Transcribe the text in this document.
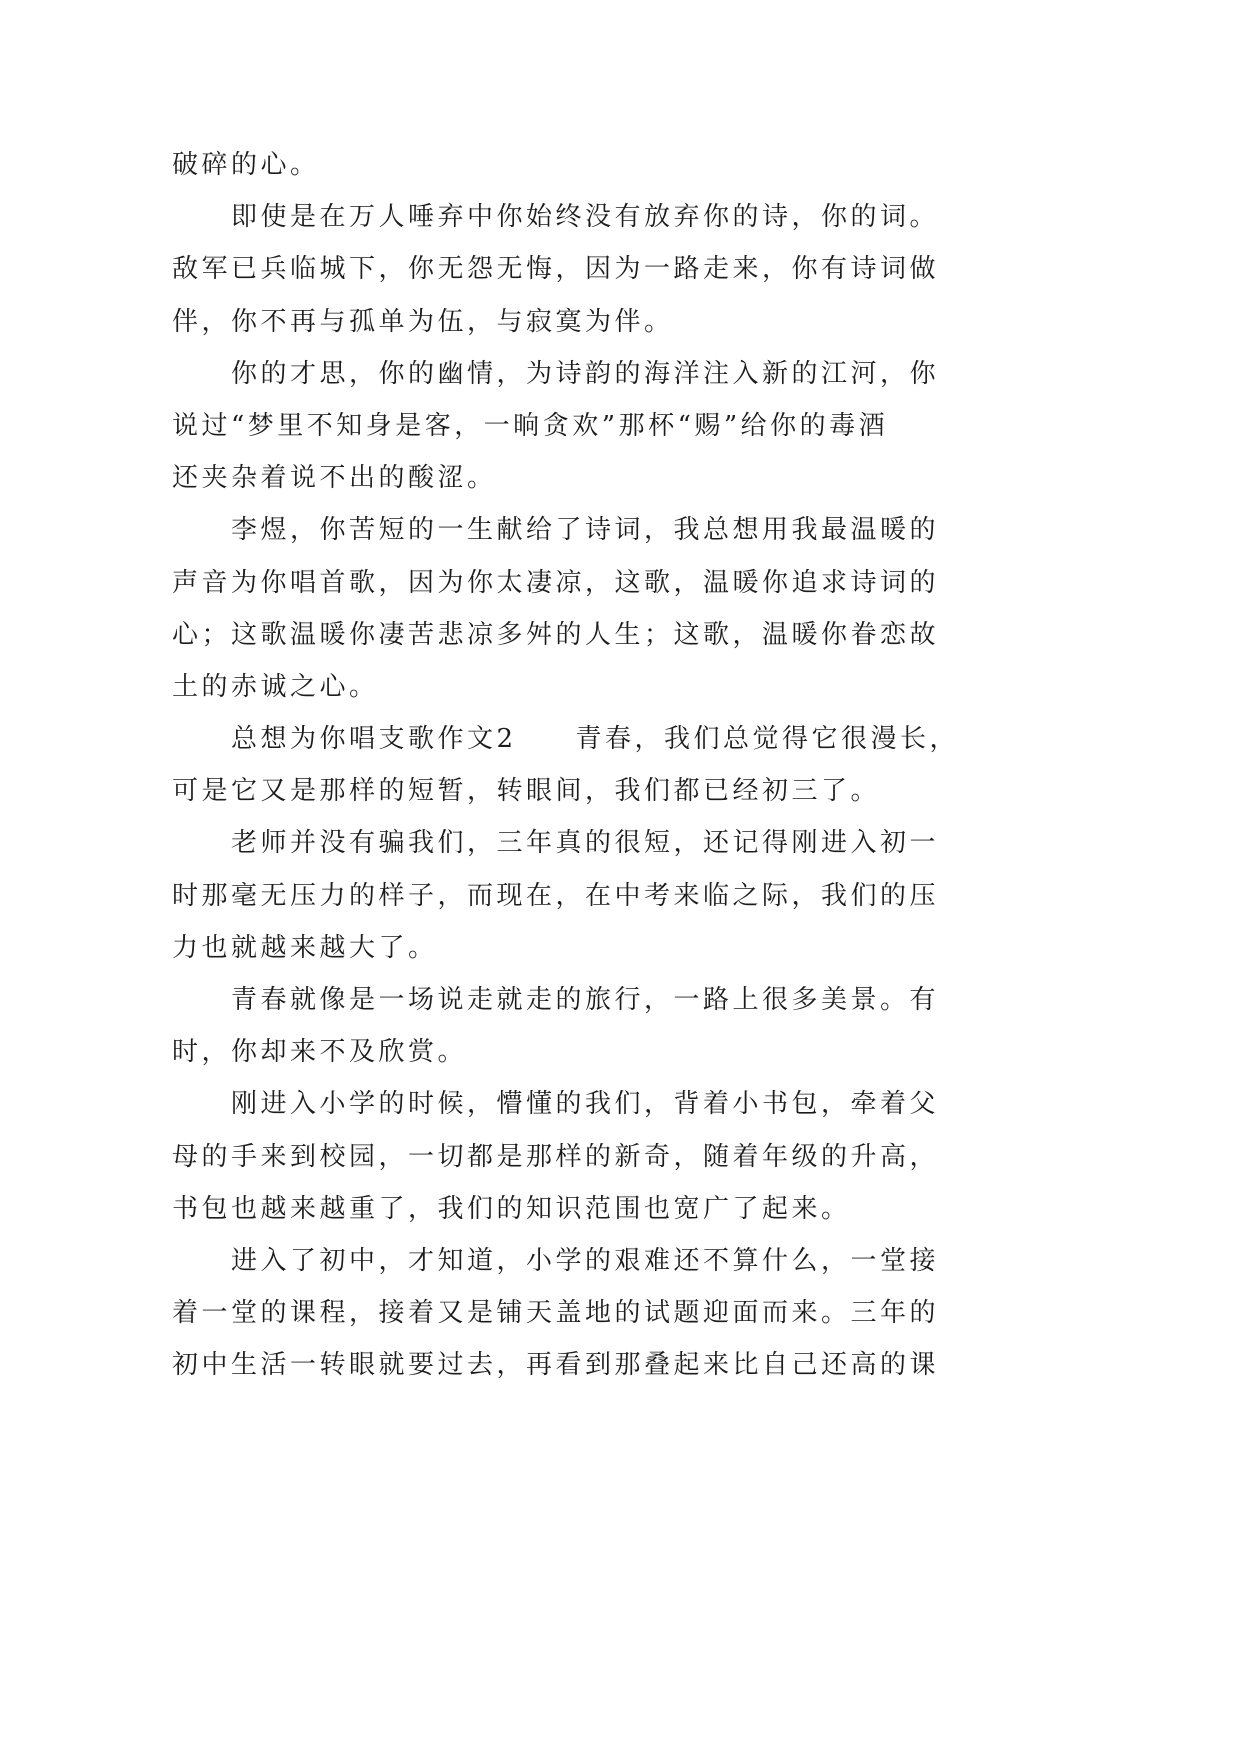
破碎的心。
即使是在万人唾弃中你始终没有放弃你的诗，你的词。
敌军已兵临城下，你无怨无悔，因为一路走来，你有诗词做
伴，你不再与孤单为伍，与寂寞为伴。
你的才思，你的幽情，为诗韵的海洋注入新的江河，你
说过“梦里不知身是客，一晌贪欢”那杯“赐”给你的毒酒
还夹杂着说不出的酸涩。
李煜，你苦短的一生献给了诗词，我总想用我最温暖的
声音为你唱首歌，因为你太凄凉，这歌，温暖你追求诗词的
心；这歌温暖你凄苦悲凉多舛的人生；这歌，温暖你眷恋故
土的赤诚之心。
总想为你唱支歌作文2　　青春，我们总觉得它很漫长，
可是它又是那样的短暂，转眼间，我们都已经初三了。
老师并没有骗我们，三年真的很短，还记得刚进入初一
时那毫无压力的样子，而现在，在中考来临之际，我们的压
力也就越来越大了。
青春就像是一场说走就走的旅行，一路上很多美景。有
时，你却来不及欣赏。
刚进入小学的时候，懵懂的我们，背着小书包，牵着父
母的手来到校园，一切都是那样的新奇，随着年级的升高，
书包也越来越重了，我们的知识范围也宽广了起来。
进入了初中，才知道，小学的艰难还不算什么，一堂接
着一堂的课程，接着又是铺天盖地的试题迎面而来。三年的
初中生活一转眼就要过去，再看到那叠起来比自己还高的课
